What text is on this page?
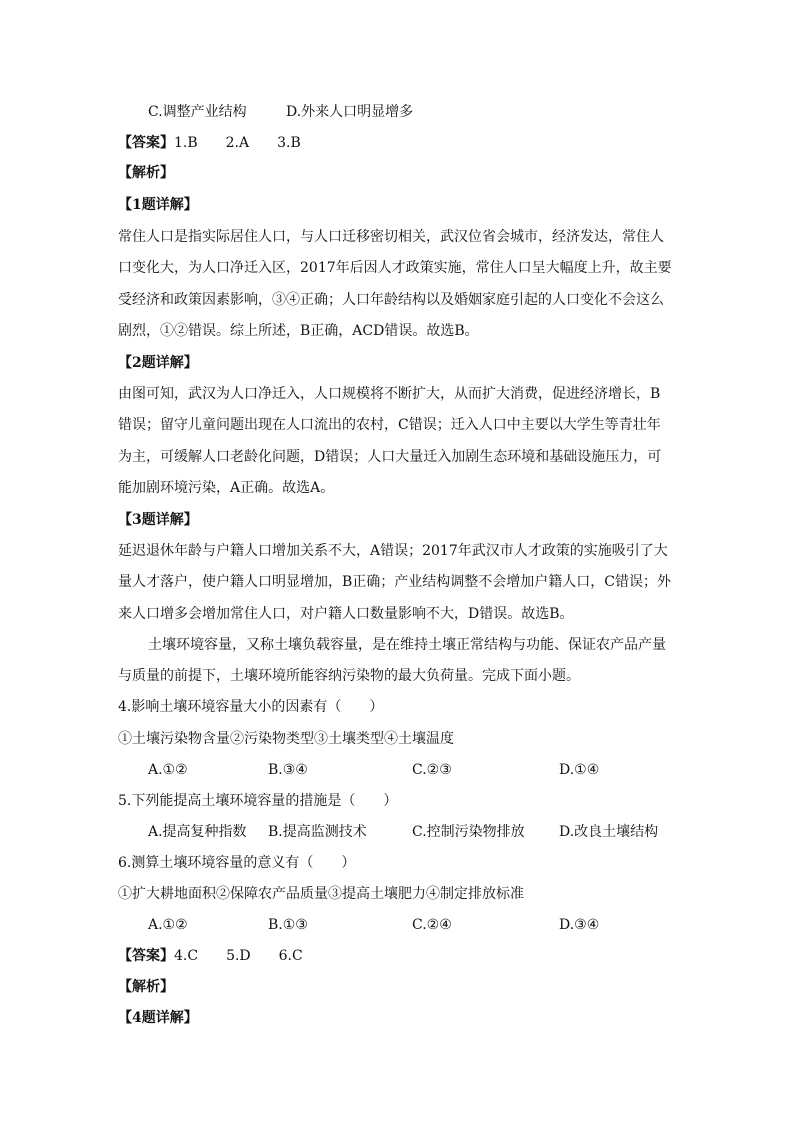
C.调整产业结构	D.外来人口明显增多
【答案】1.B　　2.A　　3.B
【解析】
【1题详解】
常住人口是指实际居住人口，与人口迁移密切相关，武汉位省会城市，经济发达，常住人
口变化大，为人口净迁入区，2017年后因人才政策实施，常住人口呈大幅度上升，故主要
受经济和政策因素影响，③④正确；人口年龄结构以及婚姻家庭引起的人口变化不会这么
剧烈，①②错误。综上所述，B正确，ACD错误。故选B。
【2题详解】
由图可知，武汉为人口净迁入，人口规模将不断扩大，从而扩大消费，促进经济增长，B
错误；留守儿童问题出现在人口流出的农村，C错误；迁入人口中主要以大学生等青壮年
为主，可缓解人口老龄化问题，D错误；人口大量迁入加剧生态环境和基础设施压力，可
能加剧环境污染，A正确。故选A。
【3题详解】
延迟退休年龄与户籍人口增加关系不大，A错误；2017年武汉市人才政策的实施吸引了大
量人才落户，使户籍人口明显增加，B正确；产业结构调整不会增加户籍人口，C错误；外
来人口增多会增加常住人口，对户籍人口数量影响不大，D错误。故选B。
土壤环境容量，又称土壤负载容量，是在维持土壤正常结构与功能、保证农产品产量
与质量的前提下，土壤环境所能容纳污染物的最大负荷量。完成下面小题。
4.影响土壤环境容量大小的因素有（　　）
①土壤污染物含量②污染物类型③土壤类型④土壤温度
A.①②	B.③④	C.②③	D.①④
5.下列能提高土壤环境容量的措施是（　　）
A.提高复种指数 B.提高监测技术	C.控制污染物排放 D.改良土壤结构
6.测算土壤环境容量的意义有（　　）
①扩大耕地面积②保障农产品质量③提高土壤肥力④制定排放标准
A.①②	B.①③	C.②④	D.③④
【答案】4.C　　5.D　　6.C
【解析】
【4题详解】
